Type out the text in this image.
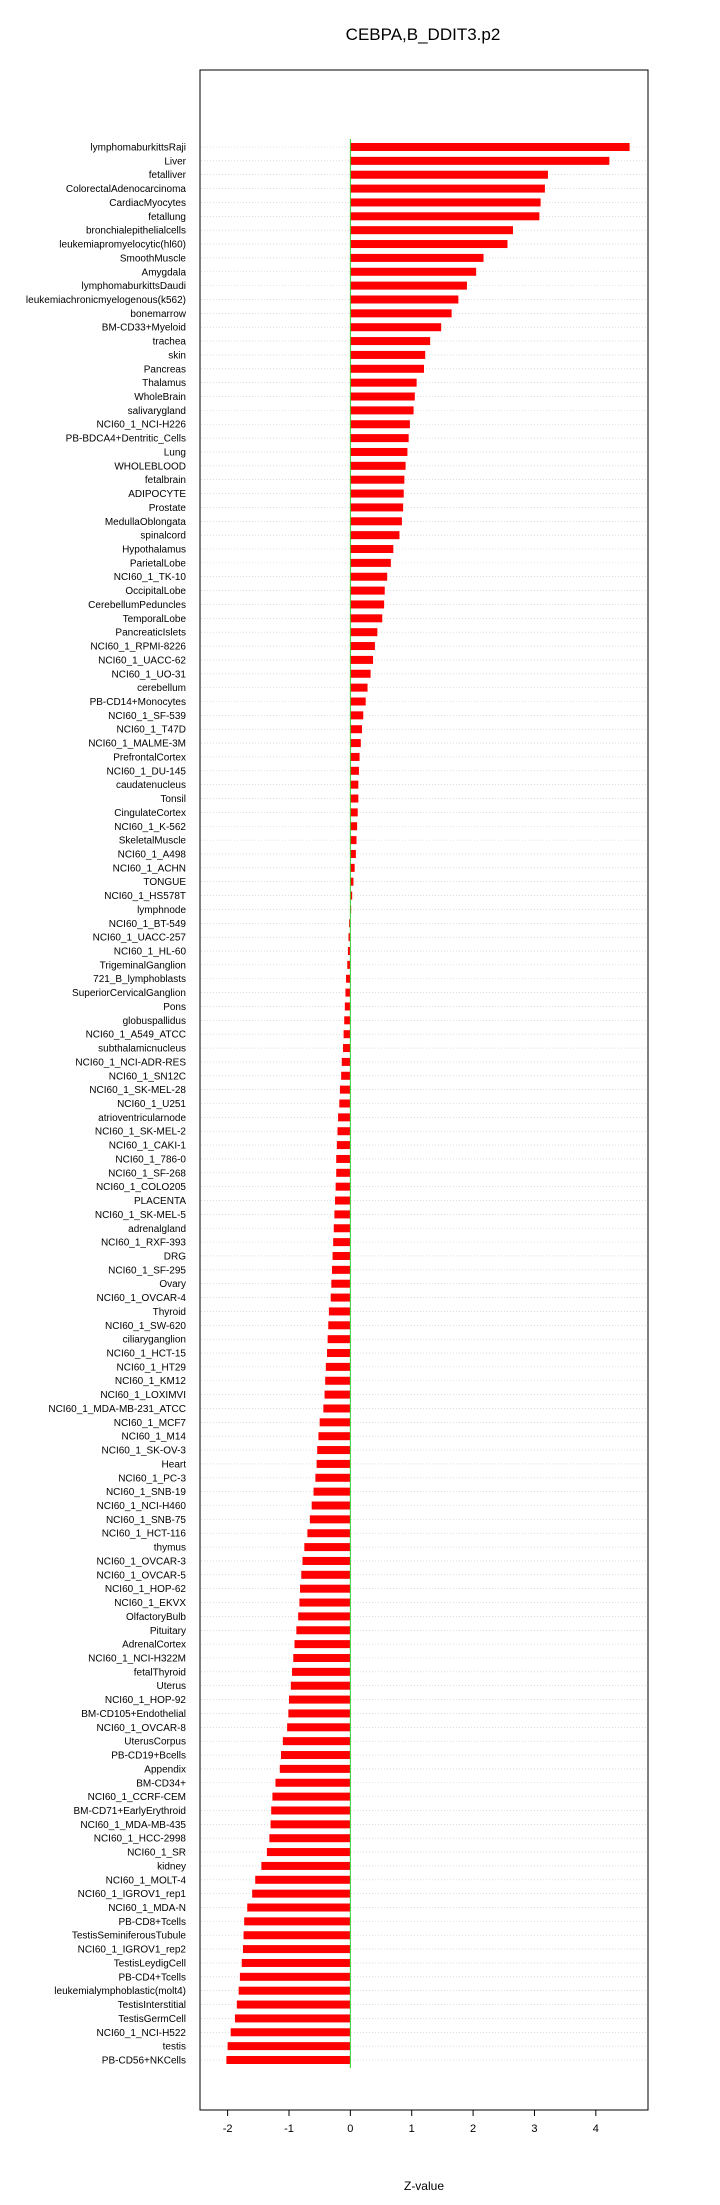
CEBPA,B_DDIT3.p2
lymphomaburkittsRaji
Liver
fetalliver
ColorectalAdenocarcinoma
CardiacMyocytes
fetallung
bronchialepithelialcells
leukemiapromyelocytic(hl60)
SmoothMuscle
Amygdala
lymphomaburkittsDaudi
leukemiachronicmyelogenous(k562)
bonemarrow
BM-CD33+Myeloid
trachea
skin
Pancreas
Thalamus
WholeBrain
salivarygland
NCI60_1_NCI-H226
PB-BDCA4+Dentritic_Cells
Lung
WHOLEBLOOD
fetalbrain
ADIPOCYTE
Prostate
MedullaOblongata
spinalcord
Hypothalamus
ParietalLobe
NCI60_1_TK-10
OccipitalLobe
CerebellumPeduncles
TemporalLobe
PancreaticIslets
NCI60_1_RPMI-8226
NCI60_1_UACC-62
NCI60_1_UO-31
cerebellum
PB-CD14+Monocytes
NCI60_1_SF-539
NCI60_1_T47D
NCI60_1_MALME-3M
PrefrontalCortex
NCI60_1_DU-145
caudatenucleus
Tonsil
CingulateCortex
NCI60_1_K-562
SkeletalMuscle
NCI60_1_A498
NCI60_1_ACHN
TONGUE
NCI60_1_HS578T
lymphnode
NCI60_1_BT-549
NCI60_1_UACC-257
NCI60_1_HL-60
TrigeminalGanglion
721_B_lymphoblasts
SuperiorCervicalGanglion
Pons
globuspallidus
NCI60_1_A549_ATCC
subthalamicnucleus
NCI60_1_NCI-ADR-RES
NCI60_1_SN12C
NCI60_1_SK-MEL-28
NCI60_1_U251
atrioventricularnode
NCI60_1_SK-MEL-2
NCI60_1_CAKI-1
NCI60_1_786-0
NCI60_1_SF-268
NCI60_1_COLO205
PLACENTA
NCI60_1_SK-MEL-5
adrenalgland
NCI60_1_RXF-393
DRG
NCI60_1_SF-295
Ovary
NCI60_1_OVCAR-4
Thyroid
NCI60_1_SW-620
ciliaryganglion
NCI60_1_HCT-15
NCI60_1_HT29
NCI60_1_KM12
NCI60_1_LOXIMVI
NCI60_1_MDA-MB-231_ATCC
NCI60_1_MCF7
NCI60_1_M14
NCI60_1_SK-OV-3
Heart
NCI60_1_PC-3
NCI60_1_SNB-19
NCI60_1_NCI-H460
NCI60_1_SNB-75
NCI60_1_HCT-116
thymus
NCI60_1_OVCAR-3
NCI60_1_OVCAR-5
NCI60_1_HOP-62
NCI60_1_EKVX
OlfactoryBulb
Pituitary
AdrenalCortex
NCI60_1_NCI-H322M
fetalThyroid
Uterus
NCI60_1_HOP-92
BM-CD105+Endothelial
NCI60_1_OVCAR-8
UterusCorpus
PB-CD19+Bcells
Appendix
BM-CD34+
NCI60_1_CCRF-CEM
BM-CD71+EarlyErythroid
NCI60_1_MDA-MB-435
NCI60_1_HCC-2998
NCI60_1_SR
kidney
NCI60_1_MOLT-4
NCI60_1_IGROV1_rep1
NCI60_1_MDA-N
PB-CD8+Tcells
TestisSeminiferousTubule
NCI60_1_IGROV1_rep2
TestisLeydigCell
PB-CD4+Tcells
leukemialymphoblastic(molt4)
TestisInterstitial
TestisGermCell
NCI60_1_NCI-H522
testis
PB-CD56+NKCells
-2	-1	0	1	2	3	4
Z-value
